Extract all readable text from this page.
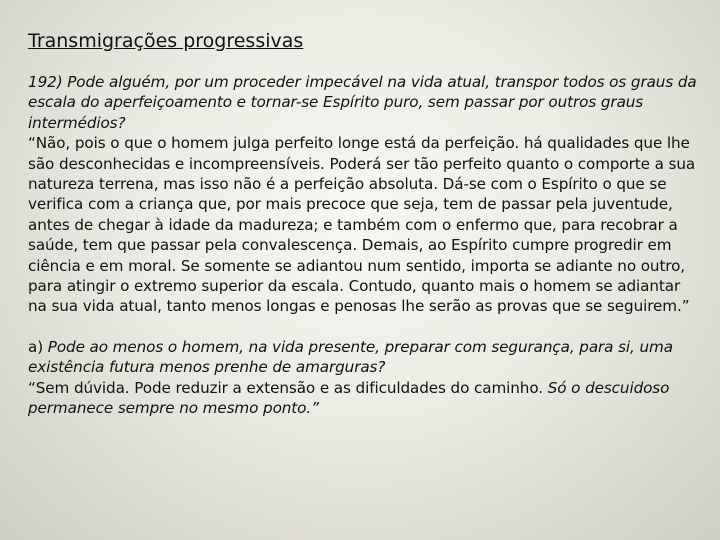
Transmigrações progressivas

192) Pode alguém, por um proceder impecável na vida atual, transpor todos os graus da escala do aperfeiçoamento e tornar-se Espírito puro, sem passar por outros graus intermédios?

“Não, pois o que o homem julga perfeito longe está da perfeição. há qualidades que lhe são desconhecidas e incompreensíveis. Poderá ser tão perfeito quanto o comporte a sua natureza terrena, mas isso não é a perfeição absoluta. Dá-se com o Espírito o que se verifica com a criança que, por mais precoce que seja, tem de passar pela juventude, antes de chegar à idade da madureza; e também com o enfermo que, para recobrar a saúde, tem que passar pela convalescença. Demais, ao Espírito cumpre progredir em ciência e em moral. Se somente se adiantou num sentido, importa se adiante no outro, para atingir o extremo superior da escala. Contudo, quanto mais o homem se adiantar na sua vida atual, tanto menos longas e penosas lhe serão as provas que se seguirem.”

a) Pode ao menos o homem, na vida presente, preparar com segurança, para si, uma existência futura menos prenhe de amarguras?

“Sem dúvida. Pode reduzir a extensão e as dificuldades do caminho. Só o descuidoso permanece sempre no mesmo ponto.”
